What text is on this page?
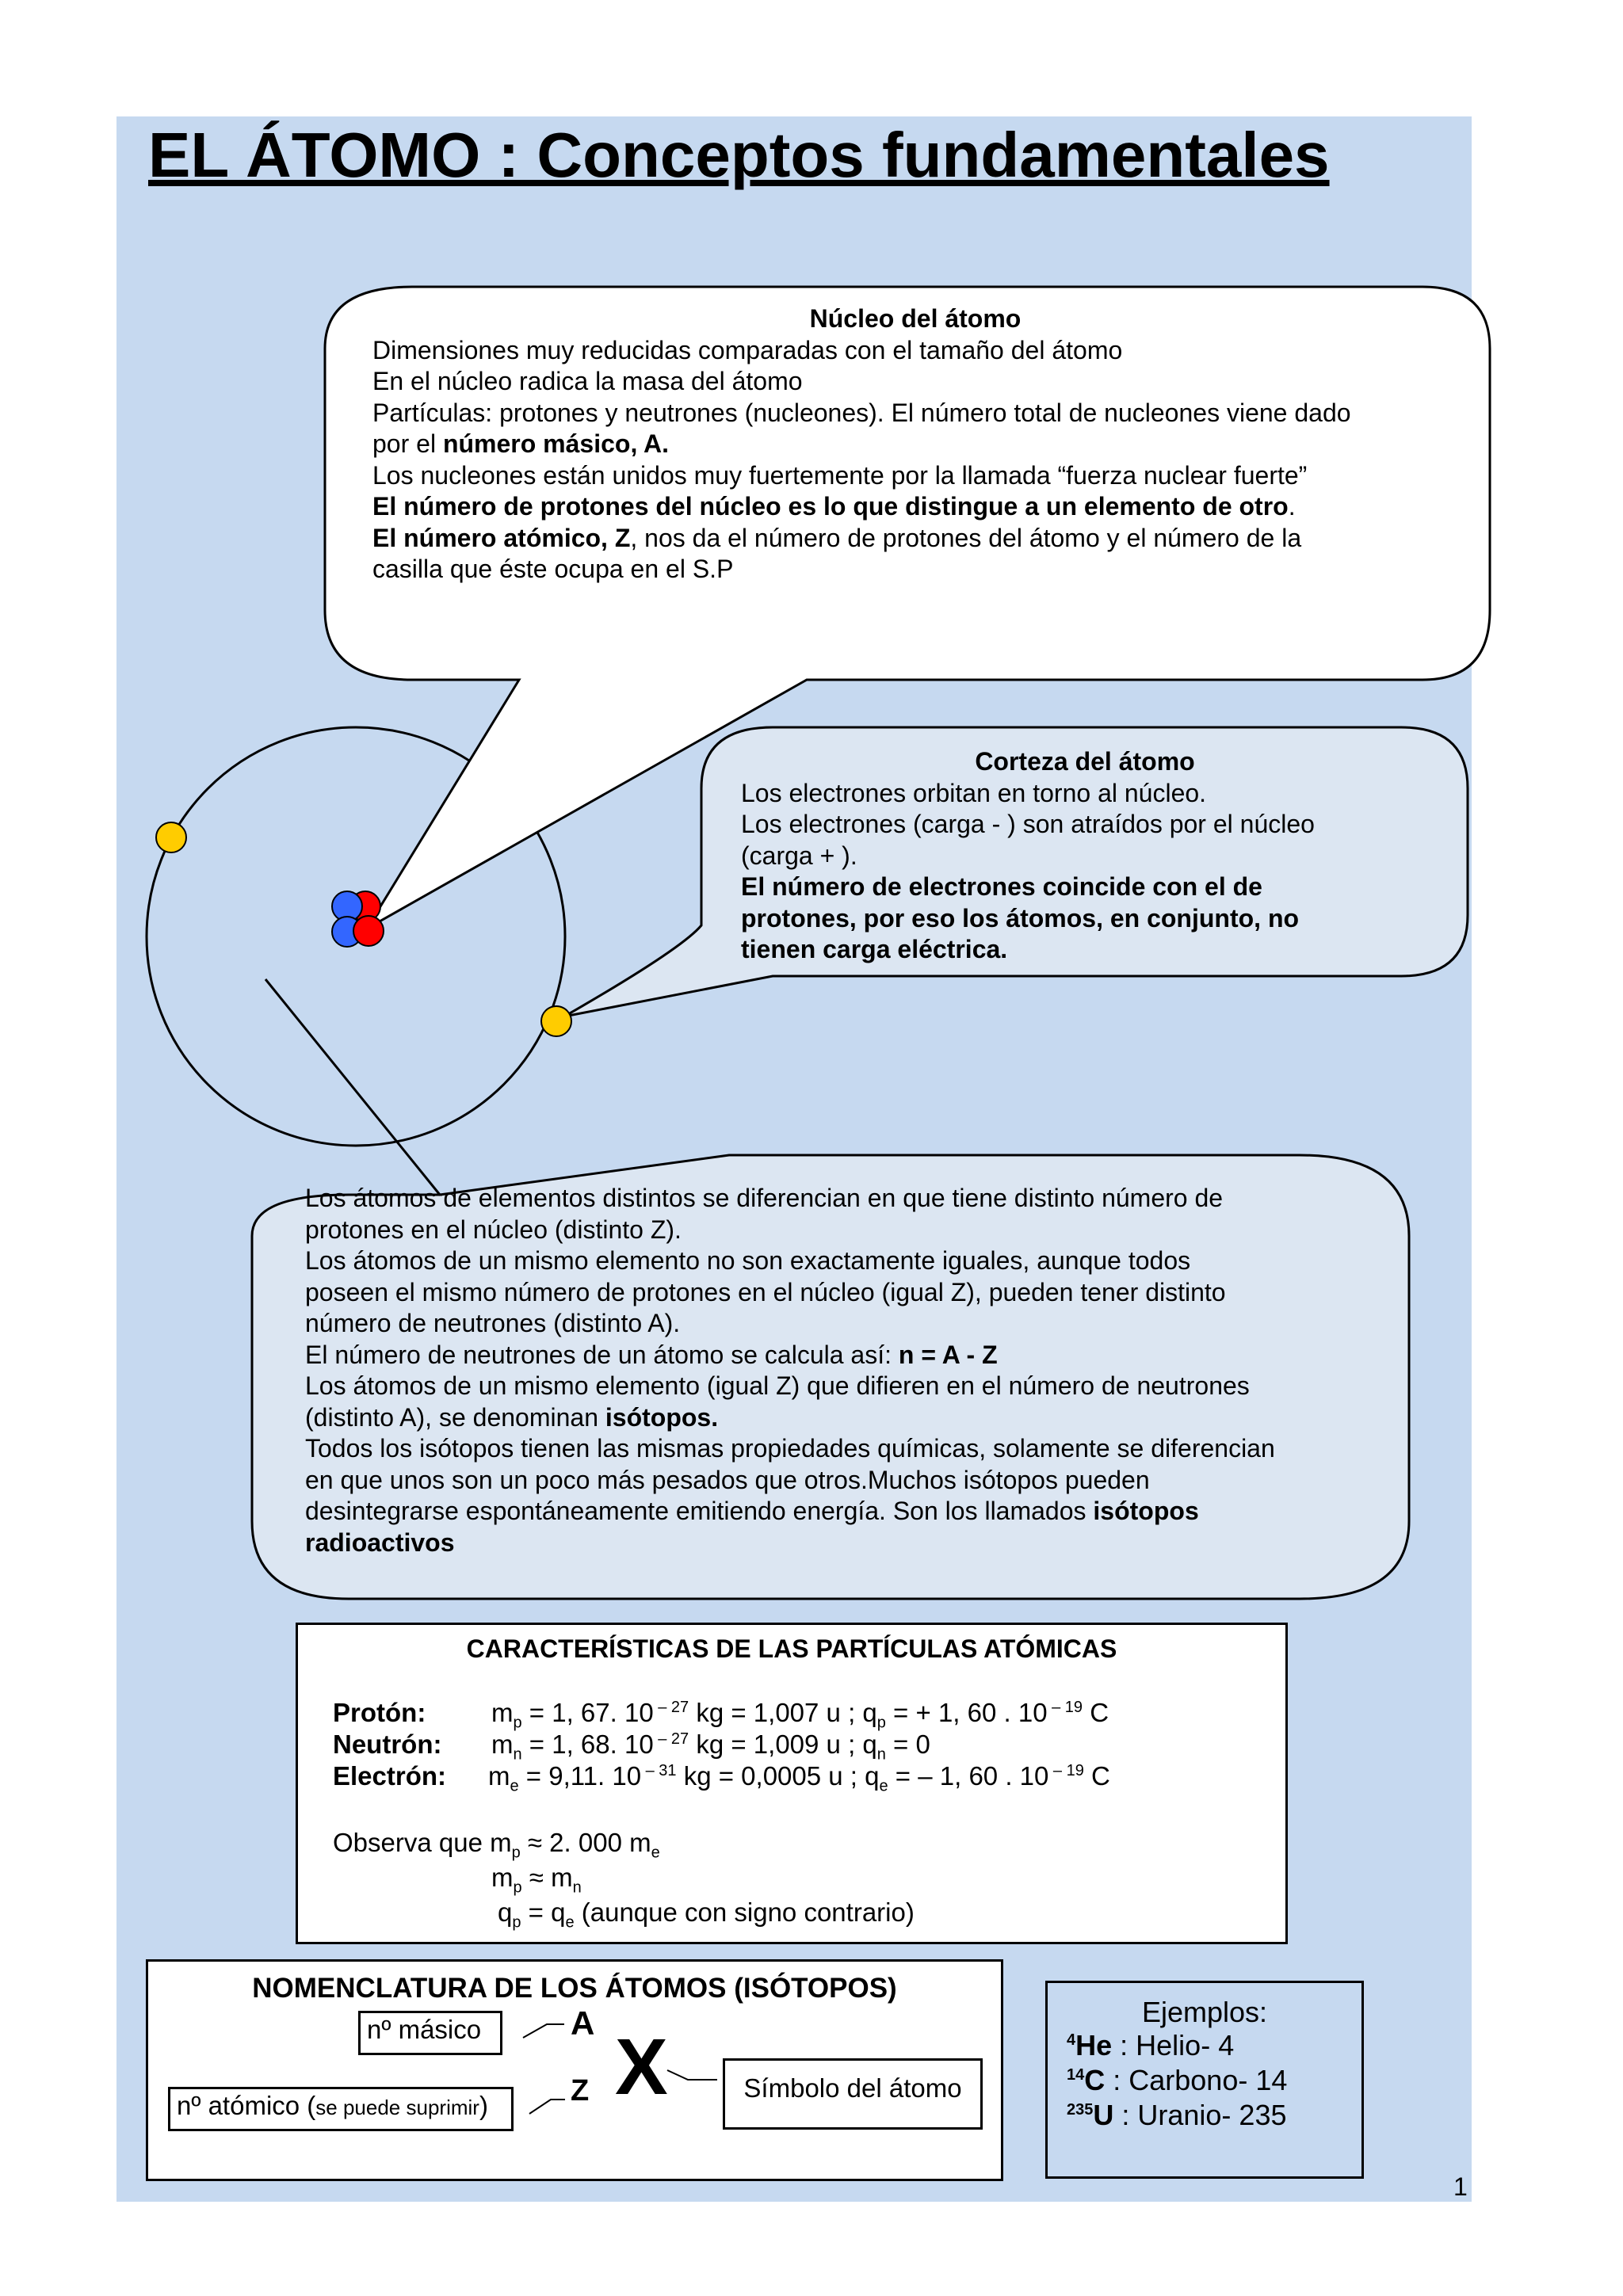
EL ÁTOMO : Conceptos fundamentales

Núcleo del átomo

Dimensiones muy reducidas comparadas con el tamaño del átomo

En el núcleo radica la masa del átomo

Partículas: protones y neutrones (nucleones). El número total de nucleones viene dado

por el número másico, A.

Los nucleones están unidos muy fuertemente por la llamada “fuerza nuclear fuerte”

El número de protones del núcleo es lo que distingue a un elemento de otro.

El número atómico, Z, nos da el número de protones del átomo y el número de la

casilla que éste ocupa en el S.P

Corteza del átomo

Los electrones orbitan en torno al núcleo.

Los electrones (carga - ) son atraídos por el núcleo

(carga + ).

El número de electrones coincide con el de

protones, por eso los átomos, en conjunto, no

tienen carga eléctrica.

Los átomos de elementos distintos se diferencian en que tiene distinto número de

protones en el núcleo (distinto Z).

Los átomos de un mismo elemento no son exactamente iguales, aunque todos

poseen el mismo número de protones en el núcleo (igual Z), pueden tener distinto

número de neutrones (distinto A).

El número de neutrones de un átomo se calcula así: n = A - Z

Los átomos de un mismo elemento (igual Z) que difieren en el número de neutrones

(distinto A), se denominan isótopos.

Todos los isótopos tienen las mismas propiedades químicas, solamente se diferencian

en que unos son un poco más pesados que otros.Muchos isótopos pueden

desintegrarse espontáneamente emitiendo energía. Son los llamados isótopos

radioactivos

CARACTERÍSTICAS DE LAS PARTÍCULAS ATÓMICAS
Protón:	$m_p = 1$, 67. 10 $^{- 27}$ kg = 1,007 u ; $q_p$ = + 1, 60 . 10 $^{- 19}$ C
Neutrón: $m_n = 1$, 68. 10 $^{- 27}$ kg = 1,009 u ; $q_n = 0$
Electrón: $m_e = 9,11$. 10 $^{- 31}$ kg = 0,0005 u ; $q_e$ = – 1, 60 . 10 $^{- 19}$ C
Observa que $m_p \approx 2$. 000 $m_e$
$m_p \approx m_n$
$q_p = q_e$ (aunque con signo contrario)
NOMENCLATURA DE LOS ÁTOMOS (ISÓTOPOS)
nº másico
nº atómico (se puede suprimir)
Símbolo del átomo
A
Z X
Ejemplos:
$^4$He : Helio- 4
$^{14}$C : Carbono- 14
$^{235}$U : Uranio- 235
1
